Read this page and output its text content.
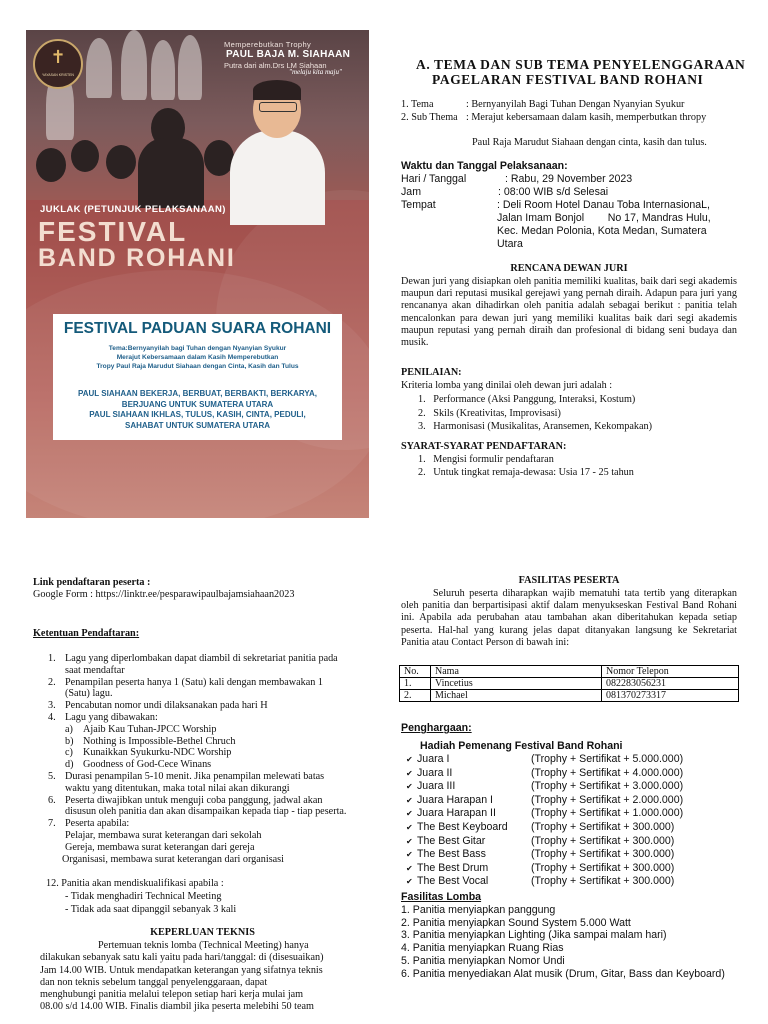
✝
YAYASAN KRISTEN
Memperebutkan Trophy
PAUL BAJA M. SIAHAAN
Putra dari alm.Drs LM Siahaan
"melaju kita maju"
JUKLAK (PETUNJUK PELAKSANAAN)
FESTIVAL
BAND ROHANI
FESTIVAL PADUAN SUARA ROHANI
Tema:Bernyanyilah bagi Tuhan dengan Nyanyian Syukur
Merajut Kebersamaan dalam Kasih Memperebutkan
Tropy Paul Raja Marudut Siahaan dengan Cinta, Kasih dan Tulus
PAUL SIAHAAN BEKERJA, BERBUAT, BERBAKTI, BERKARYA,
BERJUANG UNTUK SUMATERA UTARA
PAUL SIAHAAN IKHLAS, TULUS, KASIH, CINTA, PEDULI,
SAHABAT UNTUK SUMATERA UTARA
A. TEMA DAN SUB TEMA PENYELENGGARAAN
PAGELARAN FESTIVAL BAND ROHANI
1. Tema	: Bernyanyilah Bagi Tuhan Dengan Nyanyian Syukur
2. Sub Thema : Merajut kebersamaan dalam kasih, memperbutkan thropy
Paul Raja Marudut Siahaan dengan cinta, kasih dan tulus.
Waktu dan Tanggal Pelaksanaan:
Hari / Tanggal	: Rabu, 29 November 2023
Jam	: 08:00 WIB s/d Selesai
Tempat	: Deli Room Hotel Danau Toba InternasionaL,
Jalan Imam Bonjol        No 17, Mandras Hulu,
Kec. Medan Polonia, Kota Medan, Sumatera
Utara
RENCANA DEWAN JURI
Dewan juri yang disiapkan oleh panitia memiliki kualitas, baik dari segi akademis maupun dari reputasi musikal gerejawi yang pernah diraih. Adapun para juri yang rencananya akan dihadirkan oleh panitia adalah sebagai berikut : panitia telah mencalonkan para dewan juri yang memiliki kualitas baik dari segi akademis maupun reputasi yang pernah diraih dan profesional di bidang seni budaya dan musik.
PENILAIAN:
Kriteria lomba yang dinilai oleh dewan juri adalah :
1.   Performance (Aksi Panggung, Interaksi, Kostum)
2.   Skils (Kreativitas, Improvisasi)
3.   Harmonisasi (Musikalitas, Aransemen, Kekompakan)
SYARAT-SYARAT PENDAFTARAN:
1.   Mengisi formulir pendaftaran
2.   Untuk tingkat remaja-dewasa: Usia 17 - 25 tahun
Link pendaftaran peserta :
Google Form : https://linktr.ee/pesparawipaulbajamsiahaan2023
Ketentuan Pendaftaran:
1. Lagu yang diperlombakan dapat diambil di sekretariat panitia pada
saat mendaftar
2. Penampilan peserta hanya 1 (Satu) kali dengan membawakan 1
(Satu) lagu.
3. Pencabutan nomor undi dilaksanakan pada hari H
4. Lagu yang dibawakan:
a) Ajaib Kau Tuhan-JPCC Worship
b) Nothing is Impossible-Bethel Chruch
c) Kunaikkan Syukurku-NDC Worship
d) Goodness of God-Cece Winans
5. Durasi penampilan 5-10 menit. Jika penampilan melewati batas
waktu yang ditentukan, maka total nilai akan dikurangi
6. Peserta diwajibkan untuk menguji coba panggung, jadwal akan
disusun oleh panitia dan akan disampaikan kepada tiap - tiap peserta.
7. Peserta apabila:
Pelajar, membawa surat keterangan dari sekolah
Gereja, membawa surat keterangan dari gereja
Organisasi, membawa surat keterangan dari organisasi
12. Panitia akan mendiskualifikasi apabila :
- Tidak menghadiri Technical Meeting
- Tidak ada saat dipanggil sebanyak 3 kali
KEPERLUAN TEKNIS
Pertemuan teknis lomba (Technical Meeting) hanya
dilakukan sebanyak satu kali yaitu pada hari/tanggal: di (disesuaikan)
Jam 14.00 WIB. Untuk mendapatkan keterangan yang sifatnya teknis
dan non teknis sebelum tanggal penyelenggaraan, dapat
menghubungi panitia melalui telepon setiap hari kerja mulai jam
08.00 s/d 14.00 WIB. Finalis diambil jika peserta melebihi 50 team
FASILITAS PESERTA
Seluruh peserta diharapkan wajib mematuhi tata tertib yang diterapkan oleh panitia dan berpartisipasi aktif dalam menyukseskan Festival Band Rohani ini. Apabila ada perubahan atau tambahan akan diberitahukan kepada setiap peserta. Hal-hal yang kurang jelas dapat ditanyakan langsung ke Sekretariat Panitia atau Contact Person di bawah ini:
No.	Nama	Nomor Telepon
1.	Vincetius	082283056231
2.	Michael	081370273317
Penghargaan:
Hadiah Pemenang Festival Band Rohani
✔ Juara I	(Trophy + Sertifikat + 5.000.000)
✔ Juara II	(Trophy + Sertifikat + 4.000.000)
✔ Juara III	(Trophy + Sertifikat + 3.000.000)
✔ Juara Harapan I	(Trophy + Sertifikat + 2.000.000)
✔ Juara Harapan II	(Trophy + Sertifikat + 1.000.000)
✔ The Best Keyboard (Trophy + Sertifikat + 300.000)
✔ The Best Gitar	(Trophy + Sertifikat + 300.000)
✔ The Best Bass	(Trophy + Sertifikat + 300.000)
✔ The Best Drum	(Trophy + Sertifikat + 300.000)
✔ The Best Vocal	(Trophy + Sertifikat + 300.000)
Fasilitas Lomba
1. Panitia menyiapkan panggung
2. Panitia menyiapkan Sound System 5.000 Watt
3. Panitia menyiapkan Lighting (Jika sampai malam hari)
4. Panitia menyiapkan Ruang Rias
5. Panitia menyiapkan Nomor Undi
6. Panitia menyediakan Alat musik (Drum, Gitar, Bass dan Keyboard)
